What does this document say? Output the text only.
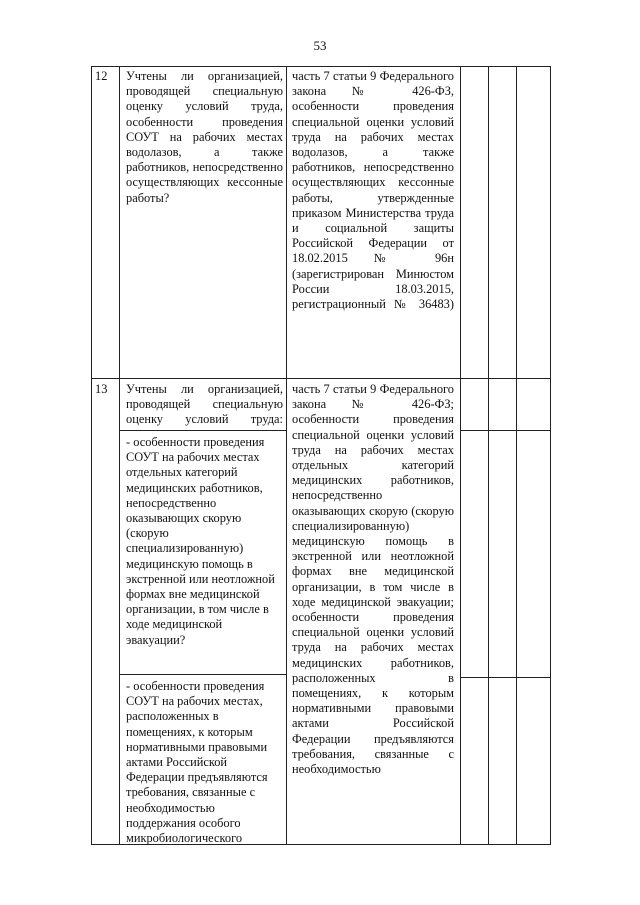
53
12 Учтены ли организацией, проводящей специальную оценку условий труда, особенности проведения СОУТ на рабочих местах водолазов, а также работников, непосредственно осуществляющих кессонные работы?

часть 7 статьи 9 Федерального закона № 426-ФЗ, особенности проведения специальной оценки условий труда на рабочих местах водолазов, а также работников, непосредственно осуществляющих кессонные работы, утвержденные приказом Министерства труда и социальной защиты Российской Федерации от 18.02.2015 № 96н (зарегистрирован Минюстом России 18.03.2015, регистрационный № 36483)

13 Учтены ли организацией, проводящей специальную оценку условий труда:

- особенности проведения СОУТ на рабочих местах отдельных категорий медицинских работников, непосредственно оказывающих скорую (скорую специализированную) медицинскую помощь в экстренной или неотложной формах вне медицинской организации, в том числе в ходе медицинской эвакуации?

- особенности проведения СОУТ на рабочих местах, расположенных в помещениях, к которым нормативными правовыми актами Российской Федерации предъявляются требования, связанные с необходимостью поддержания особого микробиологического

часть 7 статьи 9 Федерального закона № 426-ФЗ; особенности проведения специальной оценки условий труда на рабочих местах отдельных категорий медицинских работников, непосредственно оказывающих скорую (скорую специализированную) медицинскую помощь в экстренной или неотложной формах вне медицинской организации, в том числе в ходе медицинской эвакуации; особенности проведения специальной оценки условий труда на рабочих местах медицинских работников, расположенных в помещениях, к которым нормативными правовыми актами Российской Федерации предъявляются требования, связанные с необходимостью
